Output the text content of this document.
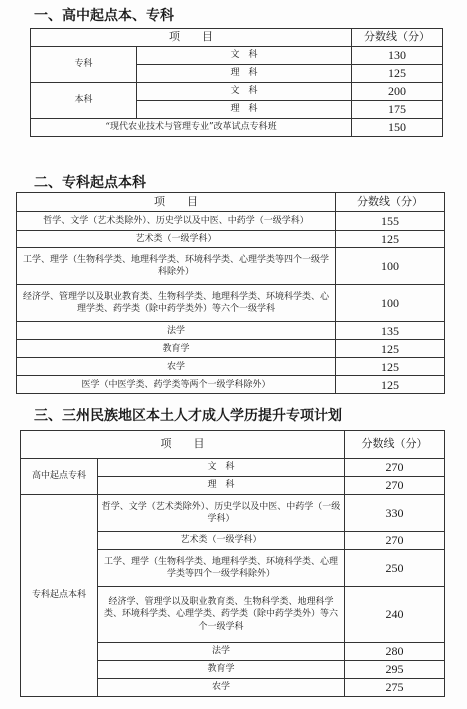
一、高中起点本、专科
项　　目		分数线（分）
专科	文　科	130
	理　科	125
本科	文　科	200
	理　科	175
“现代农业技术与管理专业”改革试点专科班		150
二、专科起点本科
项　　目	分数线（分）
哲学、文学（艺术类除外）、历史学以及中医、中药学（一级学科）	155
艺术类（一级学科）	125
工学、理学（生物科学类、地理科学类、环境科学类、心理学类等四个一级学科除外）	100
经济学、管理学以及职业教育类、生物科学类、地理科学类、环境科学类、心理学类、药学类（除中药学类外）等六个一级学科	100
法学	135
教育学	125
农学	125
医学（中医学类、药学类等两个一级学科除外）	125
三、三州民族地区本土人才成人学历提升专项计划
项　　目		分数线（分）
高中起点专科	文　科	270
	理　科	270
专科起点本科	哲学、文学（艺术类除外）、历史学以及中医、中药学（一级学科）	330
	艺术类（一级学科）	270
	工学、理学（生物科学类、地理科学类、环境科学类、心理学类等四个一级学科除外）	250
	经济学、管理学以及职业教育类、生物科学类、地理科学类、环境科学类、心理学类、药学类（除中药学类外）等六个一级学科	240
	法学	280
	教育学	295
	农学	275
